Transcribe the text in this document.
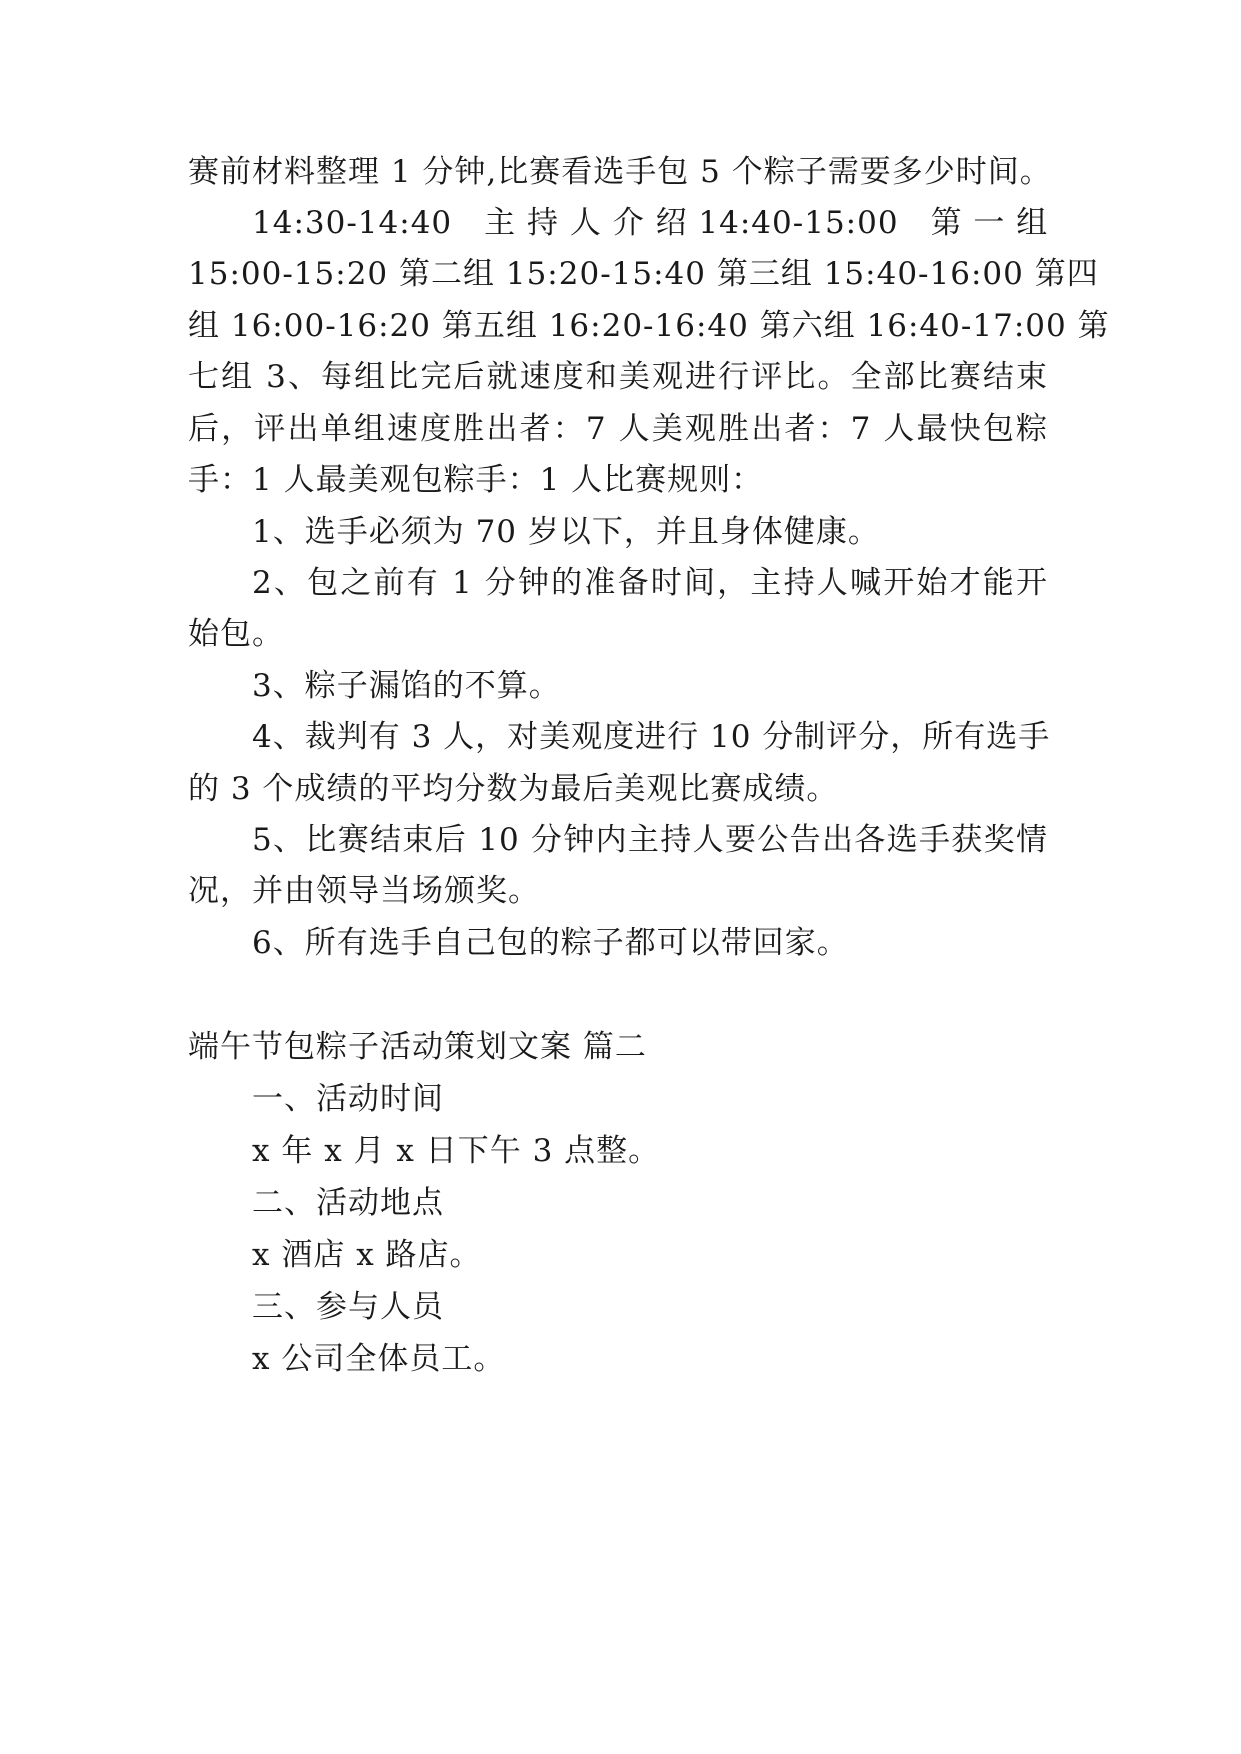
赛前材料整理 1 分钟,比赛看选手包 5 个粽子需要多少时间。
14:30-14:40　主 持 人 介 绍 14:40-15:00　第 一 组
15:00-15:20 第二组 15:20-15:40 第三组 15:40-16:00 第四
组 16:00-16:20 第五组 16:20-16:40 第六组 16:40-17:00 第
七组 3、每组比完后就速度和美观进行评比。全部比赛结束
后，评出单组速度胜出者：7 人美观胜出者：7 人最快包粽
手：1 人最美观包粽手：1 人比赛规则：
1、选手必须为 70 岁以下，并且身体健康。
2、包之前有 1 分钟的准备时间，主持人喊开始才能开
始包。
3、粽子漏馅的不算。
4、裁判有 3 人，对美观度进行 10 分制评分，所有选手
的 3 个成绩的平均分数为最后美观比赛成绩。
5、比赛结束后 10 分钟内主持人要公告出各选手获奖情
况，并由领导当场颁奖。
6、所有选手自己包的粽子都可以带回家。
端午节包粽子活动策划文案 篇二
一、活动时间
x 年 x 月 x 日下午 3 点整。
二、活动地点
x 酒店 x 路店。
三、参与人员
x 公司全体员工。
